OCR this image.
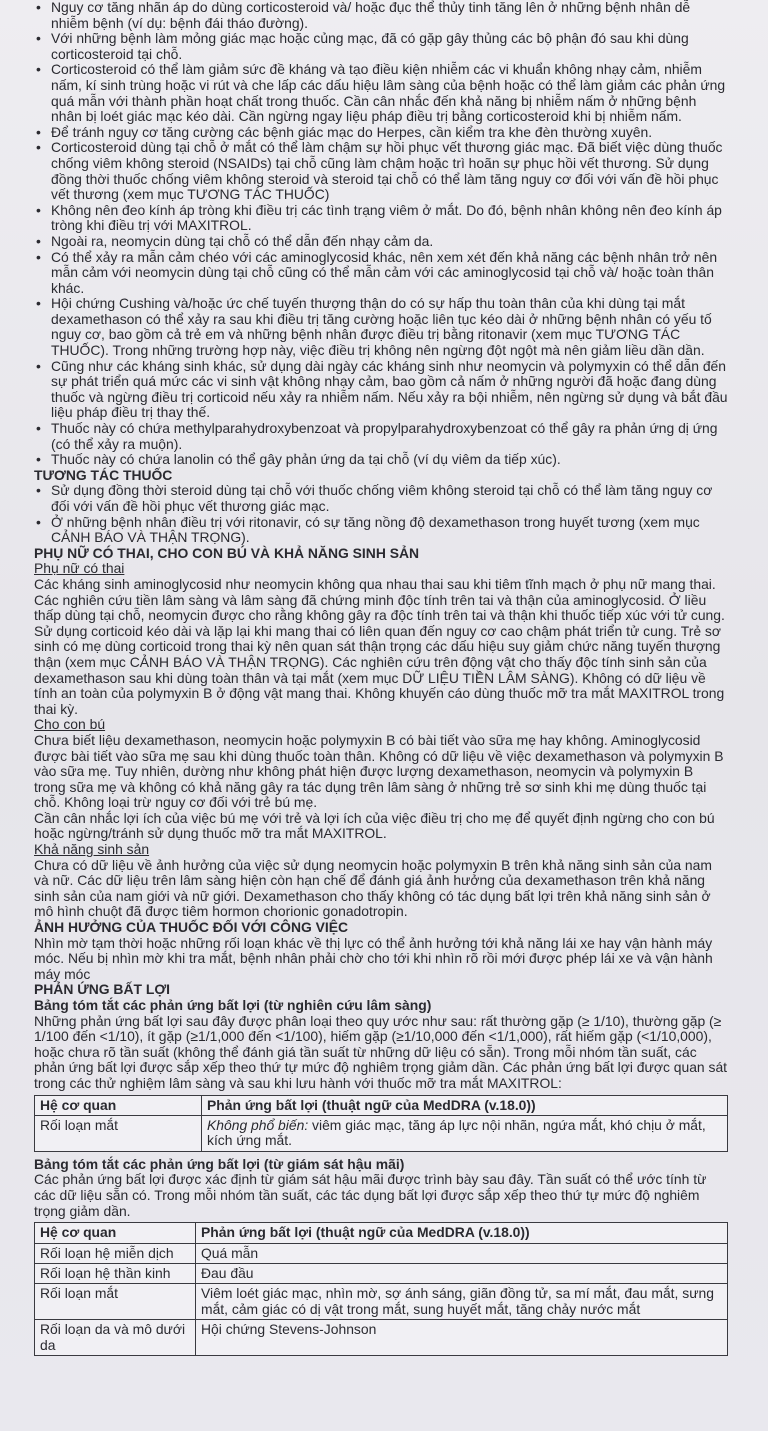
• Nguy cơ tăng nhãn áp do dùng corticosteroid và/ hoặc đục thể thủy tinh tăng lên ở những bệnh nhân dễ nhiễm bệnh (ví dụ: bệnh đái tháo đường).
• Với những bệnh làm mỏng giác mạc hoặc củng mạc, đã có gặp gây thủng các bộ phận đó sau khi dùng corticosteroid tại chỗ.
• Corticosteroid có thể làm giảm sức đề kháng và tạo điều kiện nhiễm các vi khuẩn không nhạy cảm, nhiễm nấm, kí sinh trùng hoặc vi rút và che lấp các dấu hiệu lâm sàng của bệnh hoặc có thể làm giảm các phản ứng quá mẫn với thành phần hoạt chất trong thuốc. Cần cân nhắc đến khả năng bị nhiễm nấm ở những bệnh nhân bị loét giác mạc kéo dài. Cần ngừng ngay liệu pháp điều trị bằng corticosteroid khi bị nhiễm nấm.
• Để tránh nguy cơ tăng cường các bệnh giác mạc do Herpes, cần kiểm tra khe đèn thường xuyên.
• Corticosteroid dùng tại chỗ ở mắt có thể làm chậm sự hồi phục vết thương giác mạc. Đã biết việc dùng thuốc chống viêm không steroid (NSAIDs) tại chỗ cũng làm chậm hoặc trì hoãn sự phục hồi vết thương. Sử dụng đồng thời thuốc chống viêm không steroid và steroid tại chỗ có thể làm tăng nguy cơ đối với vấn đề hồi phục vết thương (xem mục TƯƠNG TÁC THUỐC)
• Không nên đeo kính áp tròng khi điều trị các tình trạng viêm ở mắt. Do đó, bệnh nhân không nên đeo kính áp tròng khi điều trị với MAXITROL.
• Ngoài ra, neomycin dùng tại chỗ có thể dẫn đến nhạy cảm da.
• Có thể xảy ra mẫn cảm chéo với các aminoglycosid khác, nên xem xét đến khả năng các bệnh nhân trở nên mẫn cảm với neomycin dùng tại chỗ cũng có thể mẫn cảm với các aminoglycosid tại chỗ và/ hoặc toàn thân khác.
• Hội chứng Cushing và/hoặc ức chế tuyến thượng thận do có sự hấp thu toàn thân của khi dùng tại mắt dexamethason có thể xảy ra sau khi điều trị tăng cường hoặc liên tục kéo dài ở những bệnh nhân có yếu tố nguy cơ, bao gồm cả trẻ em và những bệnh nhân được điều trị bằng ritonavir (xem mục TƯƠNG TÁC THUỐC). Trong những trường hợp này, việc điều trị không nên ngừng đột ngột mà nên giảm liều dần dần.
• Cũng như các kháng sinh khác, sử dụng dài ngày các kháng sinh như neomycin và polymyxin có thể dẫn đến sự phát triển quá mức các vi sinh vật không nhạy cảm, bao gồm cả nấm ở những người đã hoặc đang dùng thuốc và ngừng điều trị corticoid nếu xảy ra nhiễm nấm. Nếu xảy ra bội nhiễm, nên ngừng sử dụng và bắt đầu liệu pháp điều trị thay thế.
• Thuốc này có chứa methylparahydroxybenzoat và propylparahydroxybenzoat có thể gây ra phản ứng dị ứng (có thể xảy ra muộn).
• Thuốc này có chứa lanolin có thể gây phản ứng da tại chỗ (ví dụ viêm da tiếp xúc).

TƯƠNG TÁC THUỐC

• Sử dụng đồng thời steroid dùng tại chỗ với thuốc chống viêm không steroid tại chỗ có thể làm tăng nguy cơ đối với vấn đề hồi phục vết thương giác mạc.
• Ở những bệnh nhân điều trị với ritonavir, có sự tăng nồng độ dexamethason trong huyết tương (xem mục CẢNH BÁO VÀ THẬN TRỌNG).

PHỤ NỮ CÓ THAI, CHO CON BÚ VÀ KHẢ NĂNG SINH SẢN

Phụ nữ có thai

Các kháng sinh aminoglycosid như neomycin không qua nhau thai sau khi tiêm tĩnh mạch ở phụ nữ mang thai. Các nghiên cứu tiền lâm sàng và lâm sàng đã chứng minh độc tính trên tai và thận của aminoglycosid. Ở liều thấp dùng tại chỗ, neomycin được cho rằng không gây ra độc tính trên tai và thận khi thuốc tiếp xúc với tử cung. Sử dụng corticoid kéo dài và lặp lại khi mang thai có liên quan đến nguy cơ cao chậm phát triển tử cung. Trẻ sơ sinh có mẹ dùng corticoid trong thai kỳ nên quan sát thận trọng các dấu hiệu suy giảm chức năng tuyến thượng thận (xem mục CẢNH BÁO VÀ THẬN TRỌNG). Các nghiên cứu trên động vật cho thấy độc tính sinh sản của dexamethason sau khi dùng toàn thân và tại mắt (xem mục DỮ LIỆU TIỀN LÂM SÀNG). Không có dữ liệu về tính an toàn của polymyxin B ở động vật mang thai. Không khuyến cáo dùng thuốc mỡ tra mắt MAXITROL trong thai kỳ.

Cho con bú

Chưa biết liệu dexamethason, neomycin hoặc polymyxin B có bài tiết vào sữa mẹ hay không. Aminoglycosid được bài tiết vào sữa mẹ sau khi dùng thuốc toàn thân. Không có dữ liệu về việc dexamethason và polymyxin B vào sữa mẹ. Tuy nhiên, dường như không phát hiện được lượng dexamethason, neomycin và polymyxin B trong sữa mẹ và không có khả năng gây ra tác dụng trên lâm sàng ở những trẻ sơ sinh khi mẹ dùng thuốc tại chỗ. Không loại trừ nguy cơ đối với trẻ bú mẹ.

Cần cân nhắc lợi ích của việc bú mẹ với trẻ và lợi ích của việc điều trị cho mẹ để quyết định ngừng cho con bú hoặc ngừng/tránh sử dụng thuốc mỡ tra mắt MAXITROL.

Khả năng sinh sản

Chưa có dữ liệu về ảnh hưởng của việc sử dụng neomycin hoặc polymyxin B trên khả năng sinh sản của nam và nữ. Các dữ liệu trên lâm sàng hiện còn hạn chế để đánh giá ảnh hưởng của dexamethason trên khả năng sinh sản của nam giới và nữ giới. Dexamethason cho thấy không có tác dụng bất lợi trên khả năng sinh sản ở mô hình chuột đã được tiêm hormon chorionic gonadotropin.

ẢNH HƯỞNG CỦA THUỐC ĐỐI VỚI CÔNG VIỆC

Nhìn mờ tạm thời hoặc những rối loạn khác về thị lực có thể ảnh hưởng tới khả năng lái xe hay vận hành máy móc. Nếu bị nhìn mờ khi tra mắt, bệnh nhân phải chờ cho tới khi nhìn rõ rồi mới được phép lái xe và vận hành máy móc

PHẢN ỨNG BẤT LỢI

Bảng tóm tắt các phản ứng bất lợi (từ nghiên cứu lâm sàng)

Những phản ứng bất lợi sau đây được phân loại theo quy ước như sau: rất thường gặp (≥ 1/10), thường gặp (≥ 1/100 đến <1/10), ít gặp (≥1/1,000 đến <1/100), hiếm gặp (≥1/10,000 đến <1/1,000), rất hiếm gặp (<1/10,000), hoặc chưa rõ tần suất (không thể đánh giá tần suất từ những dữ liệu có sẵn). Trong mỗi nhóm tần suất, các phản ứng bất lợi được sắp xếp theo thứ tự mức độ nghiêm trọng giảm dần. Các phản ứng bất lợi được quan sát trong các thử nghiệm lâm sàng và sau khi lưu hành với thuốc mỡ tra mắt MAXITROL:

Hệ cơ quan	Phản ứng bất lợi (thuật ngữ của MedDRA (v.18.0))
Rối loạn mắt	Không phổ biến: viêm giác mạc, tăng áp lực nội nhãn, ngứa mắt, khó chịu ở mắt, kích ứng mắt.

Bảng tóm tắt các phản ứng bất lợi (từ giám sát hậu mãi)

Các phản ứng bất lợi được xác định từ giám sát hậu mãi được trình bày sau đây. Tần suất có thể ước tính từ các dữ liệu sẵn có. Trong mỗi nhóm tần suất, các tác dụng bất lợi được sắp xếp theo thứ tự mức độ nghiêm trọng giảm dần.

Hệ cơ quan	Phản ứng bất lợi (thuật ngữ của MedDRA (v.18.0))
Rối loạn hệ miễn dịch	Quá mẫn
Rối loạn hệ thần kinh	Đau đầu
Rối loạn mắt	Viêm loét giác mạc, nhìn mờ, sợ ánh sáng, giãn đồng tử, sa mí mắt, đau mắt, sưng mắt, cảm giác có dị vật trong mắt, sung huyết mắt, tăng chảy nước mắt
Rối loạn da và mô dưới da	Hội chứng Stevens-Johnson
